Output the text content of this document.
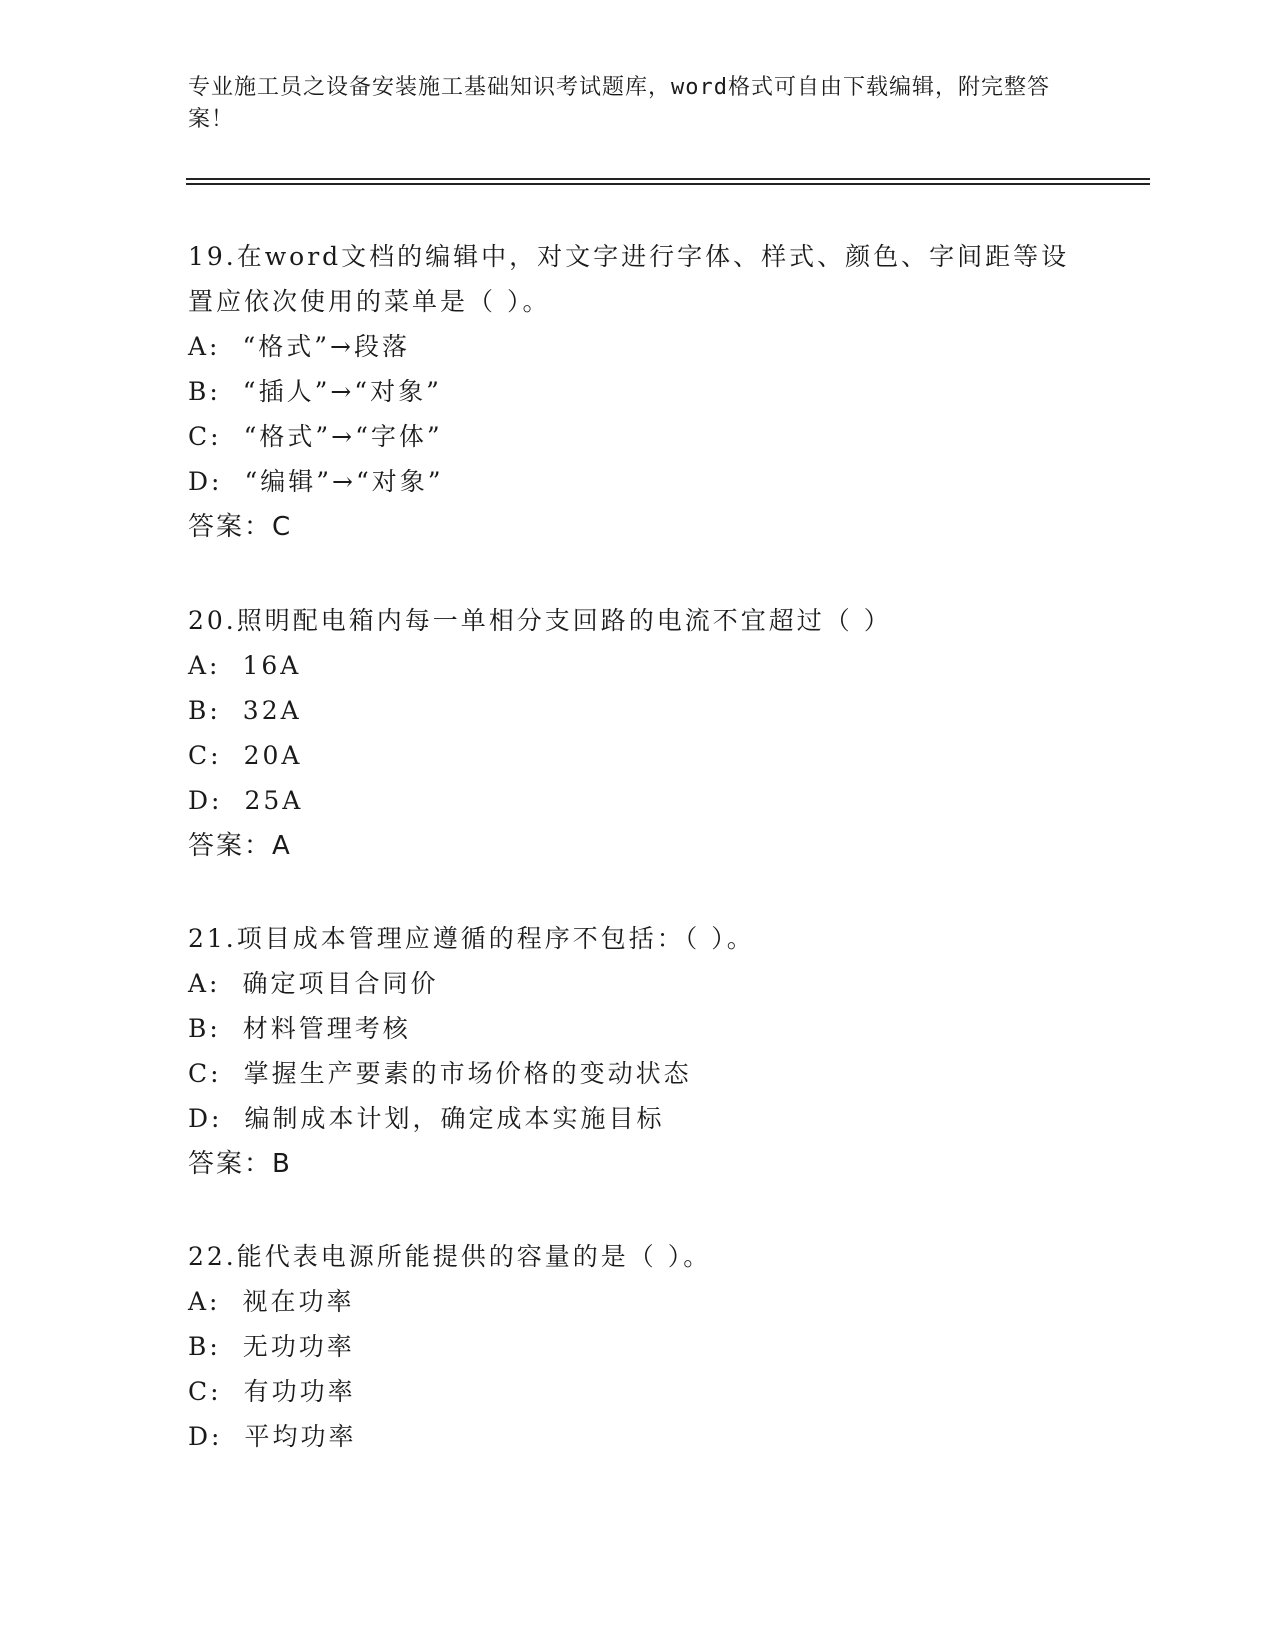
专业施工员之设备安装施工基础知识考试题库，word格式可自由下载编辑，附完整答案！

19.在word文档的编辑中，对文字进行字体、样式、颜色、字间距等设置应依次使用的菜单是（ ）。

A: “格式”→段落
B: “插人”→“对象”
C: “格式”→“字体”
D: “编辑”→“对象”
答案：C

20.照明配电箱内每一单相分支回路的电流不宜超过（ ）

A: 16A
B: 32A
C: 20A
D: 25A
答案：A

21.项目成本管理应遵循的程序不包括：（ ）。

A: 确定项目合同价
B: 材料管理考核
C: 掌握生产要素的市场价格的变动状态
D: 编制成本计划，确定成本实施目标
答案：B

22.能代表电源所能提供的容量的是（ ）。

A: 视在功率
B: 无功功率
C: 有功功率
D: 平均功率
